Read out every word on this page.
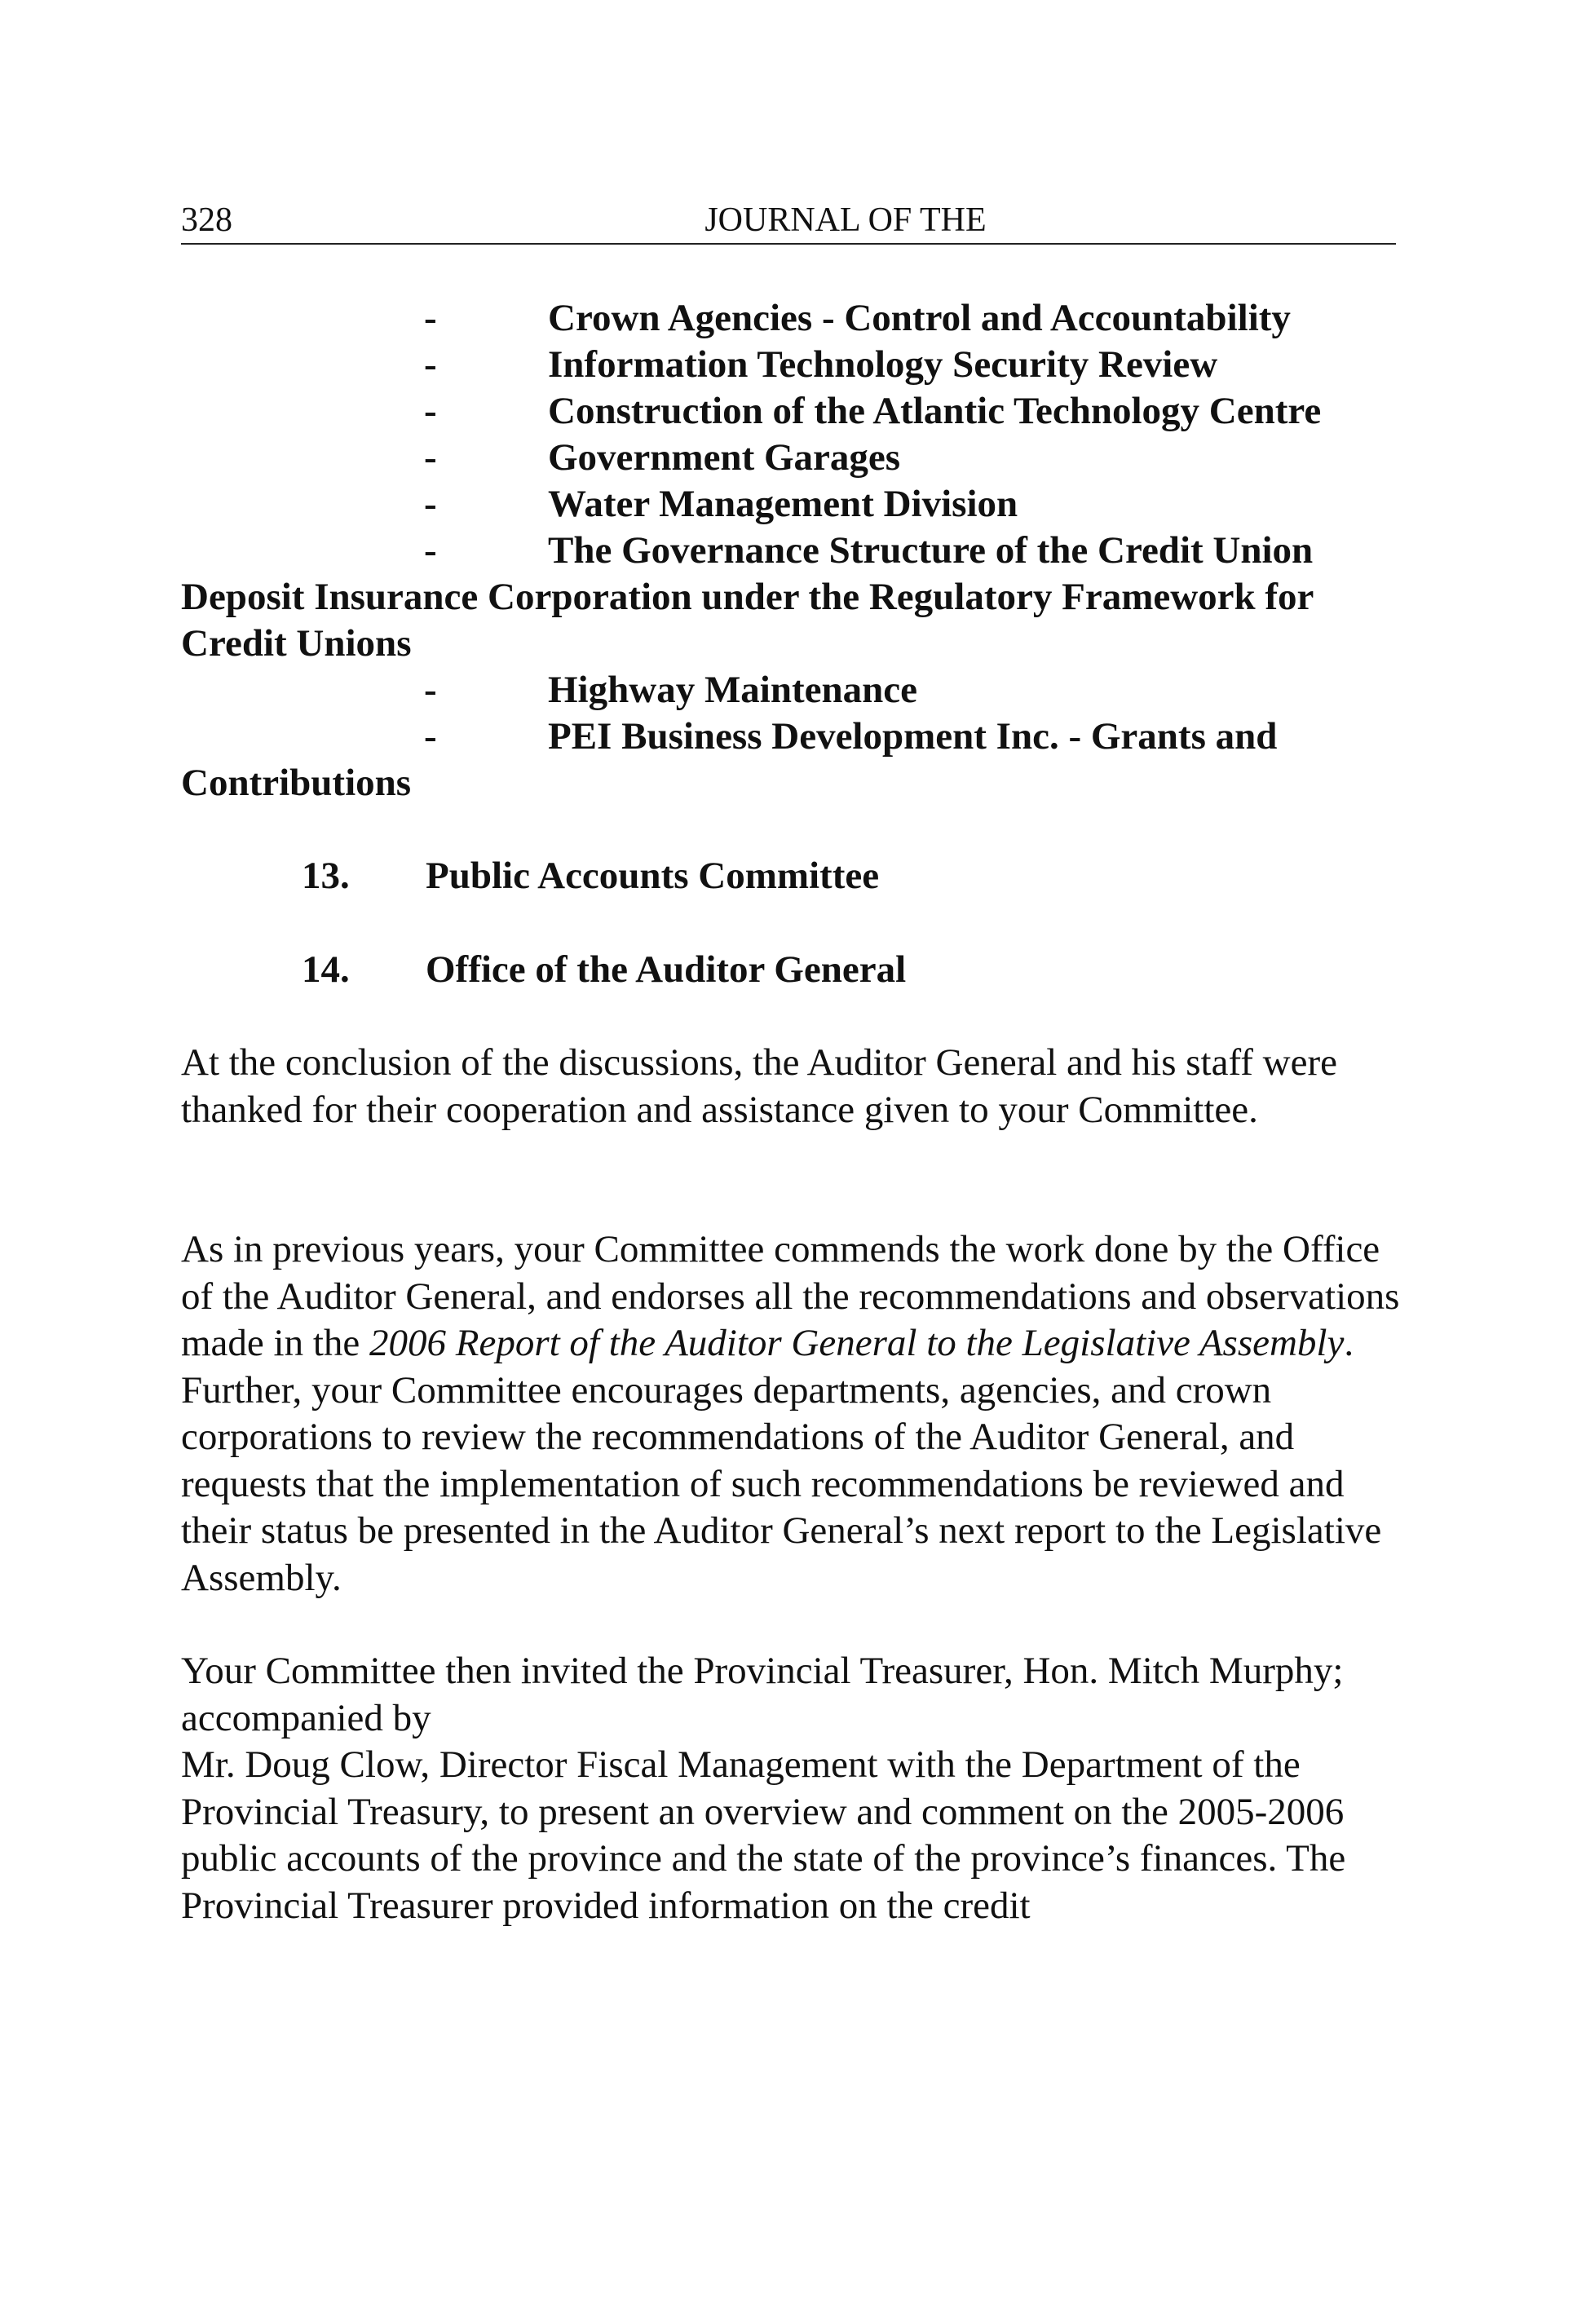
328	JOURNAL OF THE
-	Crown Agencies - Control and Accountability
-	Information Technology Security Review
-	Construction of the Atlantic Technology Centre
-	Government Garages
-	Water Management Division
-	The Governance Structure of the Credit Union
Deposit Insurance Corporation under the Regulatory Framework for
Credit Unions
-	Highway Maintenance
-	PEI Business Development Inc. - Grants and
Contributions
13. Public Accounts Committee
14. Office of the Auditor General

At the conclusion of the discussions, the Auditor General and his staff were thanked for their cooperation and assistance given to your Committee.

As in previous years, your Committee commends the work done by the Office of the Auditor General, and endorses all the recommendations and observations made in the 2006 Report of the Auditor General to the Legislative Assembly. Further, your Committee encourages departments, agencies, and crown corporations to review the recommendations of the Auditor General, and requests that the implementation of such recommendations be reviewed and their status be presented in the Auditor General’s next report to the Legislative Assembly.

Your Committee then invited the Provincial Treasurer, Hon. Mitch Murphy; accompanied by

Mr. Doug Clow, Director Fiscal Management with the Department of the Provincial Treasury, to present an overview and comment on the 2005-2006 public accounts of the province and the state of the province’s finances. The Provincial Treasurer provided information on the credit
